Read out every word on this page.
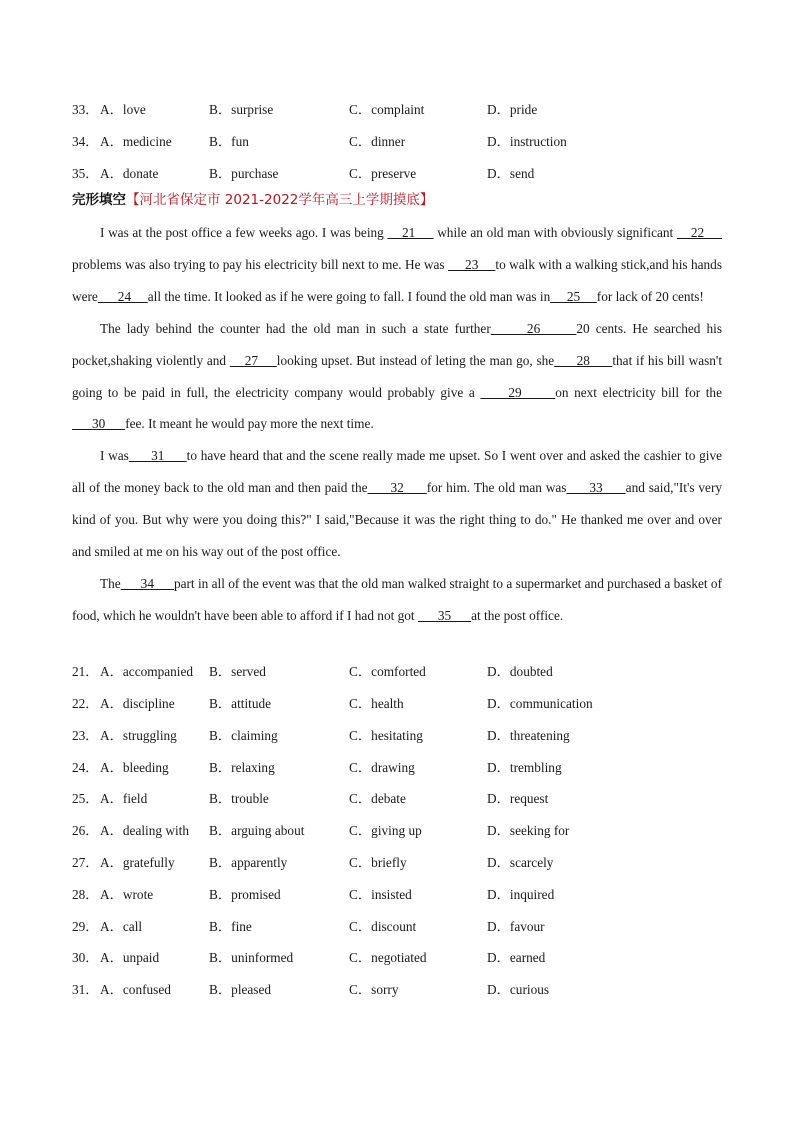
33． A．love	B．surprise	C．complaint	D．pride
34． A．medicine	B．fun	C．dinner	D．instruction
35． A．donate	B．purchase	C．preserve	D．send
完形填空【河北省保定市 2021-2022学年高三上学期摸底】

I was at the post office a few weeks ago. I was being     21      while an old man with obviously significant  _ 22      problems was also trying to pay his electricity bill next to me. He was      23     to walk with a walking stick,and his hands were      24     all the time. It looked as if he were going to fall. I found the old man was in     25     for lack of 20 cents!

The lady behind the counter had the old man in such a state further      26      20 cents. He searched his pocket,shaking violently and     27     looking upset. But instead of leting the man go, she      28      that if his bill wasn't going to be paid in full, the electricity company would probably give a      29      on next electricity bill for the      30      fee. It meant he would pay more the next time.

I was      31      to have heard that and the scene really made me upset. So I went over and asked the cashier to give all of the money back to the old man and then paid the      32      for him. The old man was      33      and said,"It's very kind of you. But why were you doing this?" I said,"Because it was the right thing to do." He thanked me over and over and smiled at me on his way out of the post office.

The      34      part in all of the event was that the old man walked straight to a supermarket and purchased a basket of food, which he wouldn't have been able to afford if I had not got       35      at the post office.

21． A．accompanied B．served	C．comforted	D．doubted
22． A．discipline	B．attitude	C．health	D．communication
23． A．struggling B．claiming	C．hesitating	D．threatening
24． A．bleeding	B．relaxing	C．drawing	D．trembling
25． A．field	B．trouble	C．debate	D．request
26． A．dealing with B．arguing about	C．giving up	D．seeking for
27． A．gratefully	B．apparently	C．briefly	D．scarcely
28． A．wrote	B．promised	C．insisted	D．inquired
29． A．call	B．fine	C．discount	D．favour
30． A．unpaid	B．uninformed	C．negotiated	D．earned
31． A．confused	B．pleased	C．sorry	D．curious
